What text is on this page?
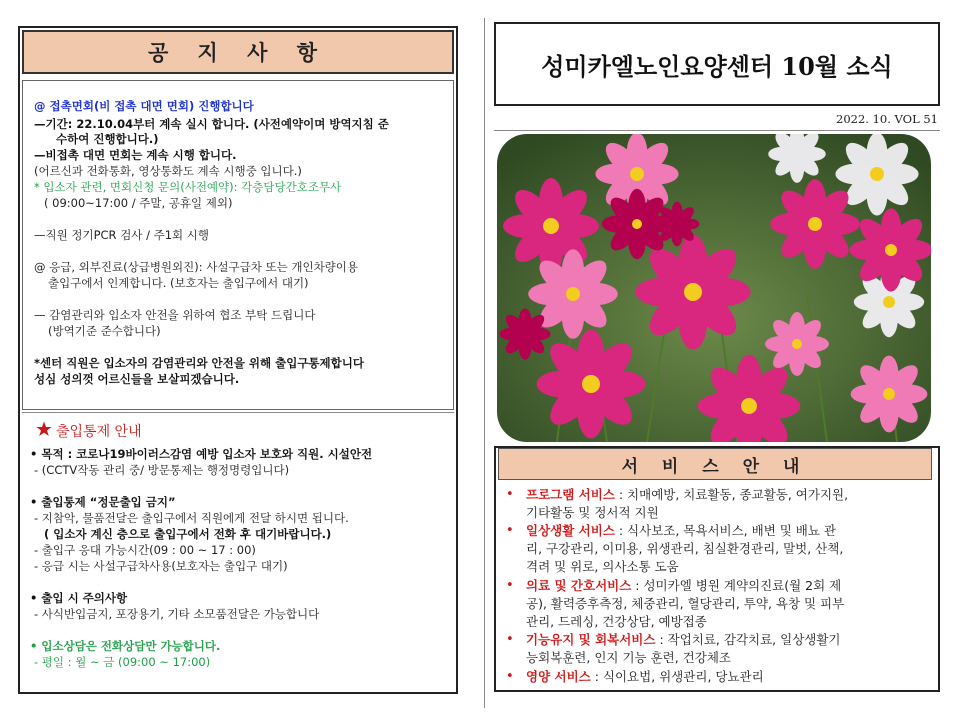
공 지 사 항
@ 접촉면회(비 접촉 대면 면회) 진행합니다
—기간: 22.10.04부터 계속 실시 합니다. (사전예약이며 방역지침 준
수하여 진행합니다.)
—비접촉 대면 면회는 계속 시행 합니다.
(어르신과 전화통화, 영상통화도 계속 시행중 입니다.)
* 입소자 관련, 면회신청 문의(사전예약): 각층담당간호조무사
( 09:00~17:00 / 주말, 공휴일 제외)
—직원 정기PCR 검사 / 주1회 시행
@ 응급, 외부진료(상급병원외진): 사설구급차 또는 개인차량이용
출입구에서 인계합니다. (보호자는 출입구에서 대기)
— 감염관리와 입소자 안전을 위하여 협조 부탁 드립니다
(방역기준 준수합니다)
*센터 직원은 입소자의 감염관리와 안전을 위해 출입구통제합니다
성심 성의껏 어르신들을 보살피겠습니다.
출입통제 안내
• 목적 : 코로나19바이러스감염 예방 입소자 보호와 직원. 시설안전
- (CCTV작동 관리 중/ 방문통제는 행정명령입니다)
• 출입통제 “정문출입 금지”
- 지참악, 물품전달은 출입구에서 직원에게 전달 하시면 됩니다.
( 입소자 계신 층으로 출입구에서 전화 후 대기바랍니다.)
- 출입구 응대 가능시간(09 : 00 ~ 17 : 00)
- 응급 시는 사설구급차사용(보호자는 출입구 대기)
• 출입 시 주의사항
- 사식반입금지, 포장용기, 기타 소모품전달은 가능합니다
• 입소상담은 전화상담만 가능합니다.
- 평일 : 월 ~ 금 (09:00 ~ 17:00)
성미카엘노인요양센터 10월 소식
2022. 10. VOL 51
서 비 스 안 내
• 프로그램 서비스 : 치매예방, 치료활동, 종교활동, 여가지원,
기타활동 및 정서적 지원
• 일상생활 서비스 : 식사보조, 목욕서비스, 배변 및 배뇨 관
리, 구강관리, 이미용, 위생관리, 침실환경관리, 말벗, 산책,
격려 및 위로, 의사소통 도움
• 의료 및 간호서비스 : 성미카엘 병원 계약의진료(월 2회 제
공), 활력증후측정, 체중관리, 혈당관리, 투약, 욕창 및 피부
관리, 드레싱, 건강상담, 예방접종
• 기능유지 및 회복서비스 : 작업치료, 감각치료, 일상생활기
능회복훈련, 인지 기능 훈련, 건강체조
• 영양 서비스 : 식이요법, 위생관리, 당뇨관리
